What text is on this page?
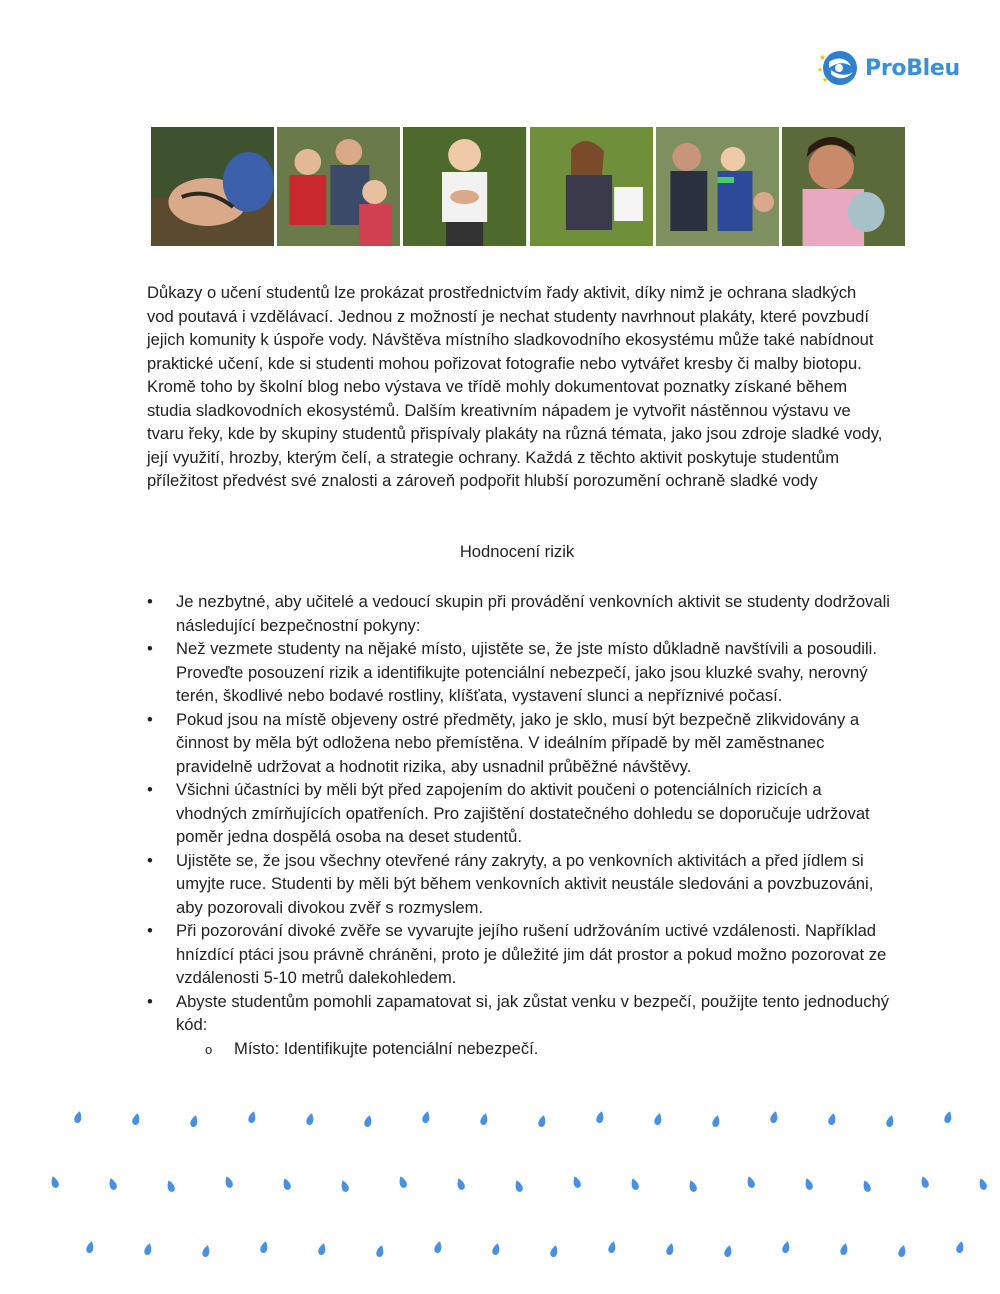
★
★
★ ProBleu

Důkazy o učení studentů lze prokázat prostřednictvím řady aktivit, díky nimž je ochrana sladkých vod poutavá i vzdělávací. Jednou z možností je nechat studenty navrhnout plakáty, které povzbudí jejich komunity k úspoře vody. Návštěva místního sladkovodního ekosystému může také nabídnout praktické učení, kde si studenti mohou pořizovat fotografie nebo vytvářet kresby či malby biotopu. Kromě toho by školní blog nebo výstava ve třídě mohly dokumentovat poznatky získané během studia sladkovodních ekosystémů. Dalším kreativním nápadem je vytvořit nástěnnou výstavu ve tvaru řeky, kde by skupiny studentů přispívaly plakáty na různá témata, jako jsou zdroje sladké vody, její využití, hrozby, kterým čelí, a strategie ochrany. Každá z těchto aktivit poskytuje studentům příležitost předvést své znalosti a zároveň podpořit hlubší porozumění ochraně sladké vody

Hodnocení rizik
• Je nezbytné, aby učitelé a vedoucí skupin při provádění venkovních aktivit se studenty dodržovali následující bezpečnostní pokyny:
• Než vezmete studenty na nějaké místo, ujistěte se, že jste místo důkladně navštívili a posoudili. Proveďte posouzení rizik a identifikujte potenciální nebezpečí, jako jsou kluzké svahy, nerovný terén, škodlivé nebo bodavé rostliny, klíšťata, vystavení slunci a nepříznivé počasí.
• Pokud jsou na místě objeveny ostré předměty, jako je sklo, musí být bezpečně zlikvidovány a činnost by měla být odložena nebo přemístěna. V ideálním případě by měl zaměstnanec pravidelně udržovat a hodnotit rizika, aby usnadnil průběžné návštěvy.
• Všichni účastníci by měli být před zapojením do aktivit poučeni o potenciálních rizicích a vhodných zmírňujících opatřeních. Pro zajištění dostatečného dohledu se doporučuje udržovat poměr jedna dospělá osoba na deset studentů.
• Ujistěte se, že jsou všechny otevřené rány zakryty, a po venkovních aktivitách a před jídlem si umyjte ruce. Studenti by měli být během venkovních aktivit neustále sledováni a povzbuzováni, aby pozorovali divokou zvěř s rozmyslem.
• Při pozorování divoké zvěře se vyvarujte jejího rušení udržováním uctivé vzdálenosti. Například hnízdící ptáci jsou právně chráněni, proto je důležité jim dát prostor a pokud možno pozorovat ze vzdálenosti 5-10 metrů dalekohledem.
• Abyste studentům pomohli zapamatovat si, jak zůstat venku v bezpečí, použijte tento jednoduchý kód:
o Místo: Identifikujte potenciální nebezpečí.
